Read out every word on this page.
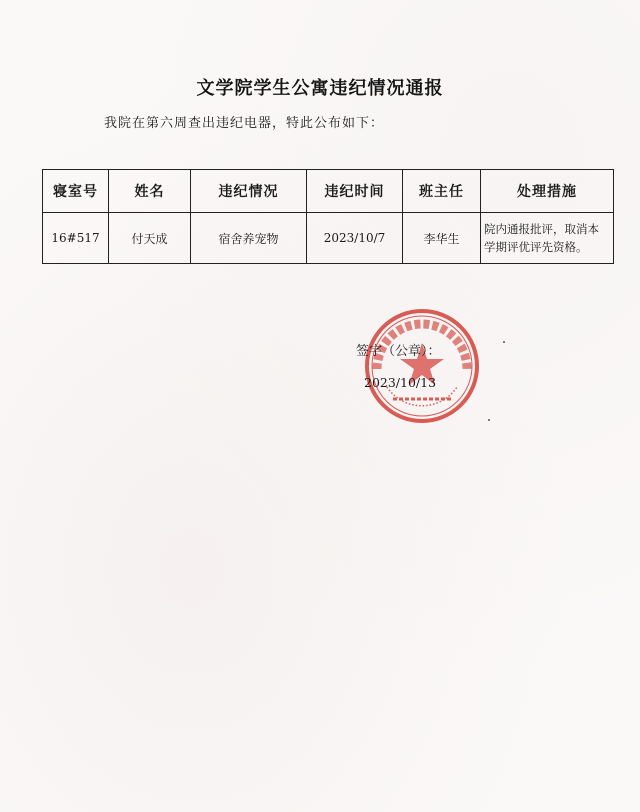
文学院学生公寓违纪情况通报
我院在第六周查出违纪电器，特此公布如下：
寝室号	姓名	违纪情况	违纪时间	班主任	处理措施
16#517	付天成	宿舍养宠物	2023/10/7	李华生	院内通报批评，取消本学期评优评先资格。
签字（公章）：
2023/10/13
